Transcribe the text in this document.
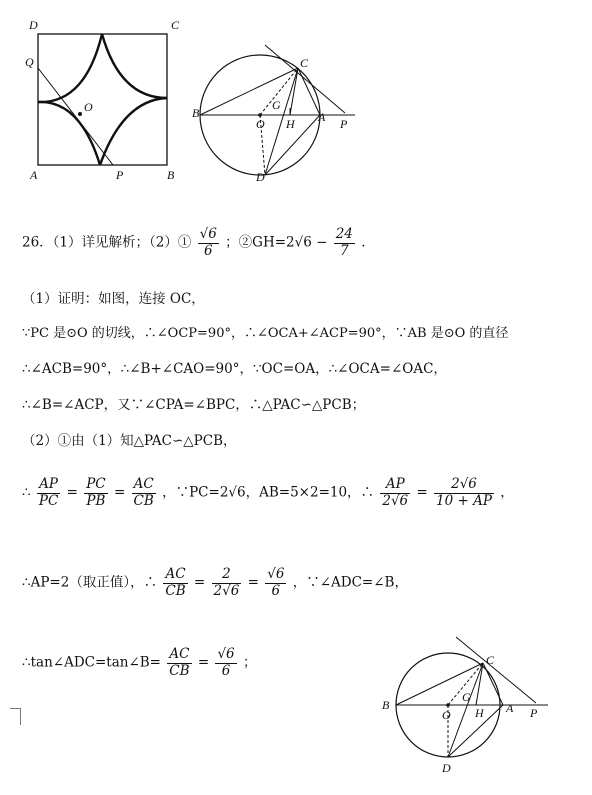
D	C
Q
O
A	P	B
B
C
G
O H A P
D
26．（1）详见解析；（2）① $\frac{√6}{6}$ ；②GH=2√6 − $\frac{24}{7}$ ．
（1）证明：如图，连接 OC，
∵PC 是⊙O 的切线，∴∠OCP=90°，∴∠OCA+∠ACP=90°，∵AB 是⊙O 的直径
∴∠ACB=90°，∴∠B+∠CAO=90°，∵OC=OA，∴∠OCA=∠OAC，
∴∠B=∠ACP，又∵∠CPA=∠BPC，∴△PAC∽△PCB；
（2）①由（1）知△PAC∽△PCB，
∴ $\frac{AP}{PC} = \frac{PC}{PB} = \frac{AC}{CB}$ ，∵PC=2√6，AB=5×2=10，∴ $\frac{AP}{2√6} = \frac{2√6}{10 + AP}$ ，
∴AP=2（取正值），∴ $\frac{AC}{CB} = \frac{2}{2√6} = \frac{√6}{6}$ ，∵∠ADC=∠B，
∴tan∠ADC=tan∠B= $\frac{AC}{CB} = \frac{√6}{6}$ ；
B
C
G
O H A P
D
